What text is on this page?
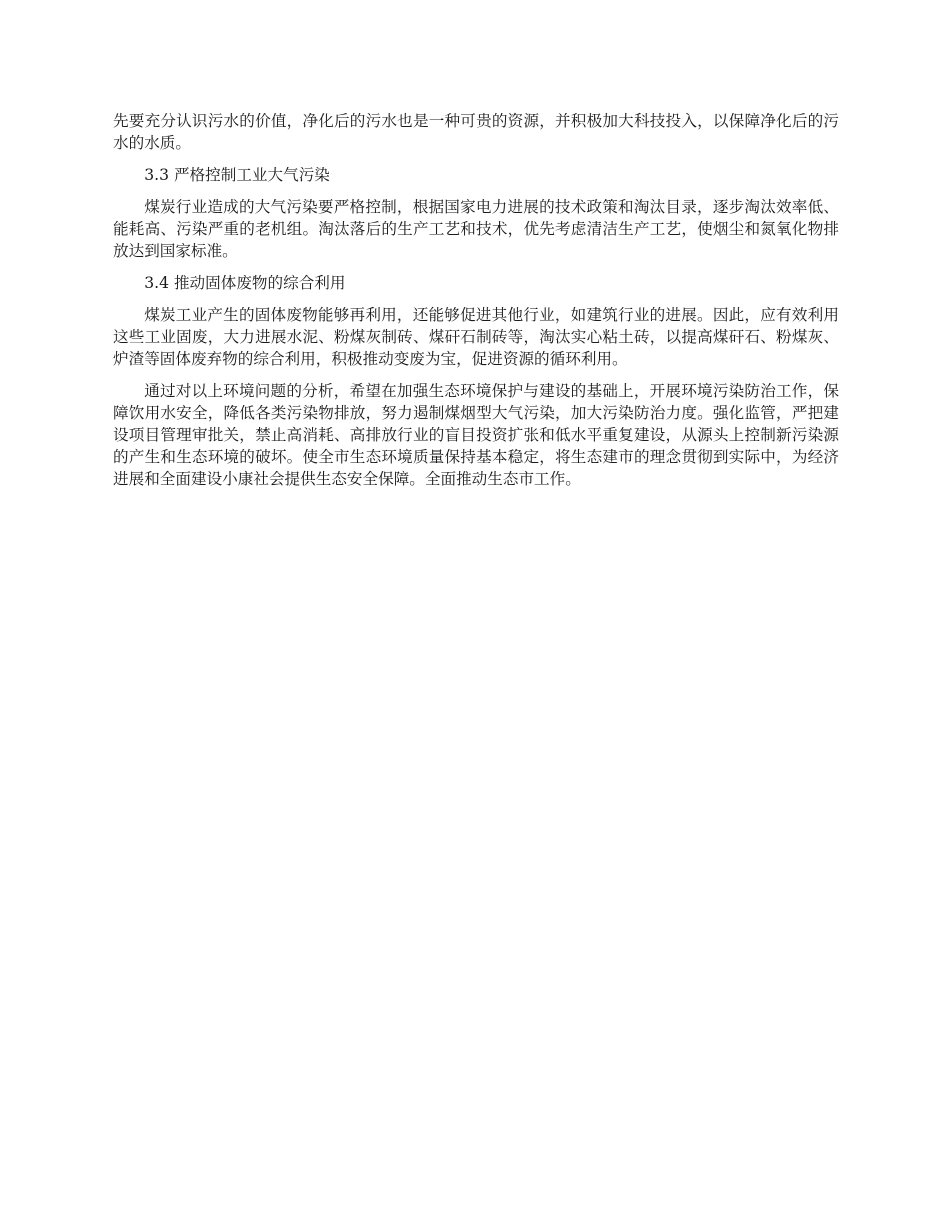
先要充分认识污水的价值，净化后的污水也是一种可贵的资源，并积极加大科技投入，以保障净化后的污水的水质。

3.3 严格控制工业大气污染

煤炭行业造成的大气污染要严格控制，根据国家电力进展的技术政策和淘汰目录，逐步淘汰效率低、能耗高、污染严重的老机组。淘汰落后的生产工艺和技术，优先考虑清洁生产工艺，使烟尘和氮氧化物排放达到国家标准。

3.4 推动固体废物的综合利用

煤炭工业产生的固体废物能够再利用，还能够促进其他行业，如建筑行业的进展。因此，应有效利用这些工业固废，大力进展水泥、粉煤灰制砖、煤矸石制砖等，淘汰实心粘土砖，以提高煤矸石、粉煤灰、炉渣等固体废弃物的综合利用，积极推动变废为宝，促进资源的循环利用。

通过对以上环境问题的分析，希望在加强生态环境保护与建设的基础上，开展环境污染防治工作，保障饮用水安全，降低各类污染物排放，努力遏制煤烟型大气污染，加大污染防治力度。强化监管，严把建设项目管理审批关，禁止高消耗、高排放行业的盲目投资扩张和低水平重复建设，从源头上控制新污染源的产生和生态环境的破坏。使全市生态环境质量保持基本稳定，将生态建市的理念贯彻到实际中，为经济进展和全面建设小康社会提供生态安全保障。全面推动生态市工作。
